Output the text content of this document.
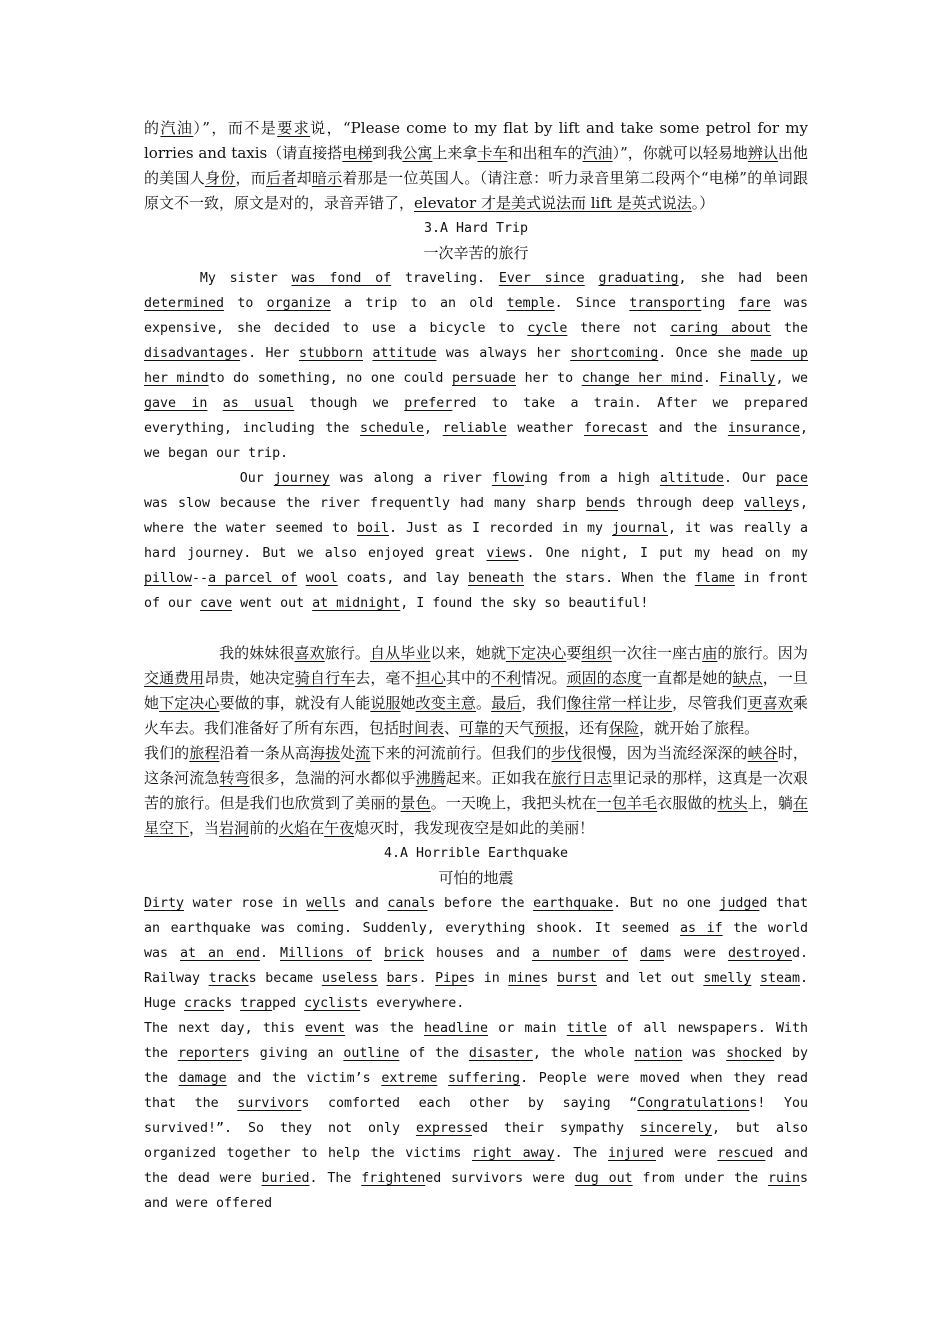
的汽油）”，而不是要求说，“Please come to my flat by lift and take some petrol for my lorries and taxis（请直接搭电梯到我公寓上来拿卡车和出租车的汽油）”，你就可以轻易地辨认出他的美国人身份，而后者却暗示着那是一位英国人。（请注意：听力录音里第二段两个“电梯”的单词跟原文不一致，原文是对的，录音弄错了，elevator 才是美式说法而 lift 是英式说法。）

3.A Hard Trip

一次辛苦的旅行

My sister was fond of traveling. Ever since graduating, she had been determined to organize a trip to an old temple. Since transporting fare was expensive, she decided to use a bicycle to cycle there not caring about the disadvantages. Her stubborn attitude was always her shortcoming. Once she made up her mindto do something, no one could persuade her to change her mind. Finally, we gave in as usual though we preferred to take a train. After we prepared everything, including the schedule, reliable weather forecast and the insurance, we began our trip.

Our journey was along a river flowing from a high altitude. Our pace was slow because the river frequently had many sharp bends through deep valleys, where the water seemed to boil. Just as I recorded in my journal, it was really a hard journey. But we also enjoyed great views. One night, I put my head on my pillow--a parcel of wool coats, and lay beneath the stars. When the flame in front of our cave went out at midnight, I found the sky so beautiful!

我的妹妹很喜欢旅行。自从毕业以来，她就下定决心要组织一次往一座古庙的旅行。因为交通费用昂贵，她决定骑自行车去，毫不担心其中的不利情况。顽固的态度一直都是她的缺点，一旦她下定决心要做的事，就没有人能说服她改变主意。最后，我们像往常一样让步，尽管我们更喜欢乘火车去。我们准备好了所有东西，包括时间表、可靠的天气预报，还有保险，就开始了旅程。

我们的旅程沿着一条从高海拔处流下来的河流前行。但我们的步伐很慢，因为当流经深深的峡谷时，这条河流急转弯很多，急湍的河水都似乎沸腾起来。正如我在旅行日志里记录的那样，这真是一次艰苦的旅行。但是我们也欣赏到了美丽的景色。一天晚上，我把头枕在一包羊毛衣服做的枕头上，躺在星空下，当岩洞前的火焰在午夜熄灭时，我发现夜空是如此的美丽！

4.A Horrible Earthquake

可怕的地震

Dirty water rose in wells and canals before the earthquake. But no one judged that an earthquake was coming. Suddenly, everything shook. It seemed as if the world was at an end. Millions of brick houses and a number of dams were destroyed. Railway tracks became useless bars. Pipes in mines burst and let out smelly steam. Huge cracks trapped cyclists everywhere.

The next day, this event was the headline or main title of all newspapers. With the reporters giving an outline of the disaster, the whole nation was shocked by the damage and the victim’s extreme suffering. People were moved when they read that the survivors comforted each other by saying “Congratulations! You survived!”. So they not only expressed their sympathy sincerely, but also organized together to help the victims right away. The injured were rescued and the dead were buried. The frightened survivors were dug out from under the ruins and were offered
